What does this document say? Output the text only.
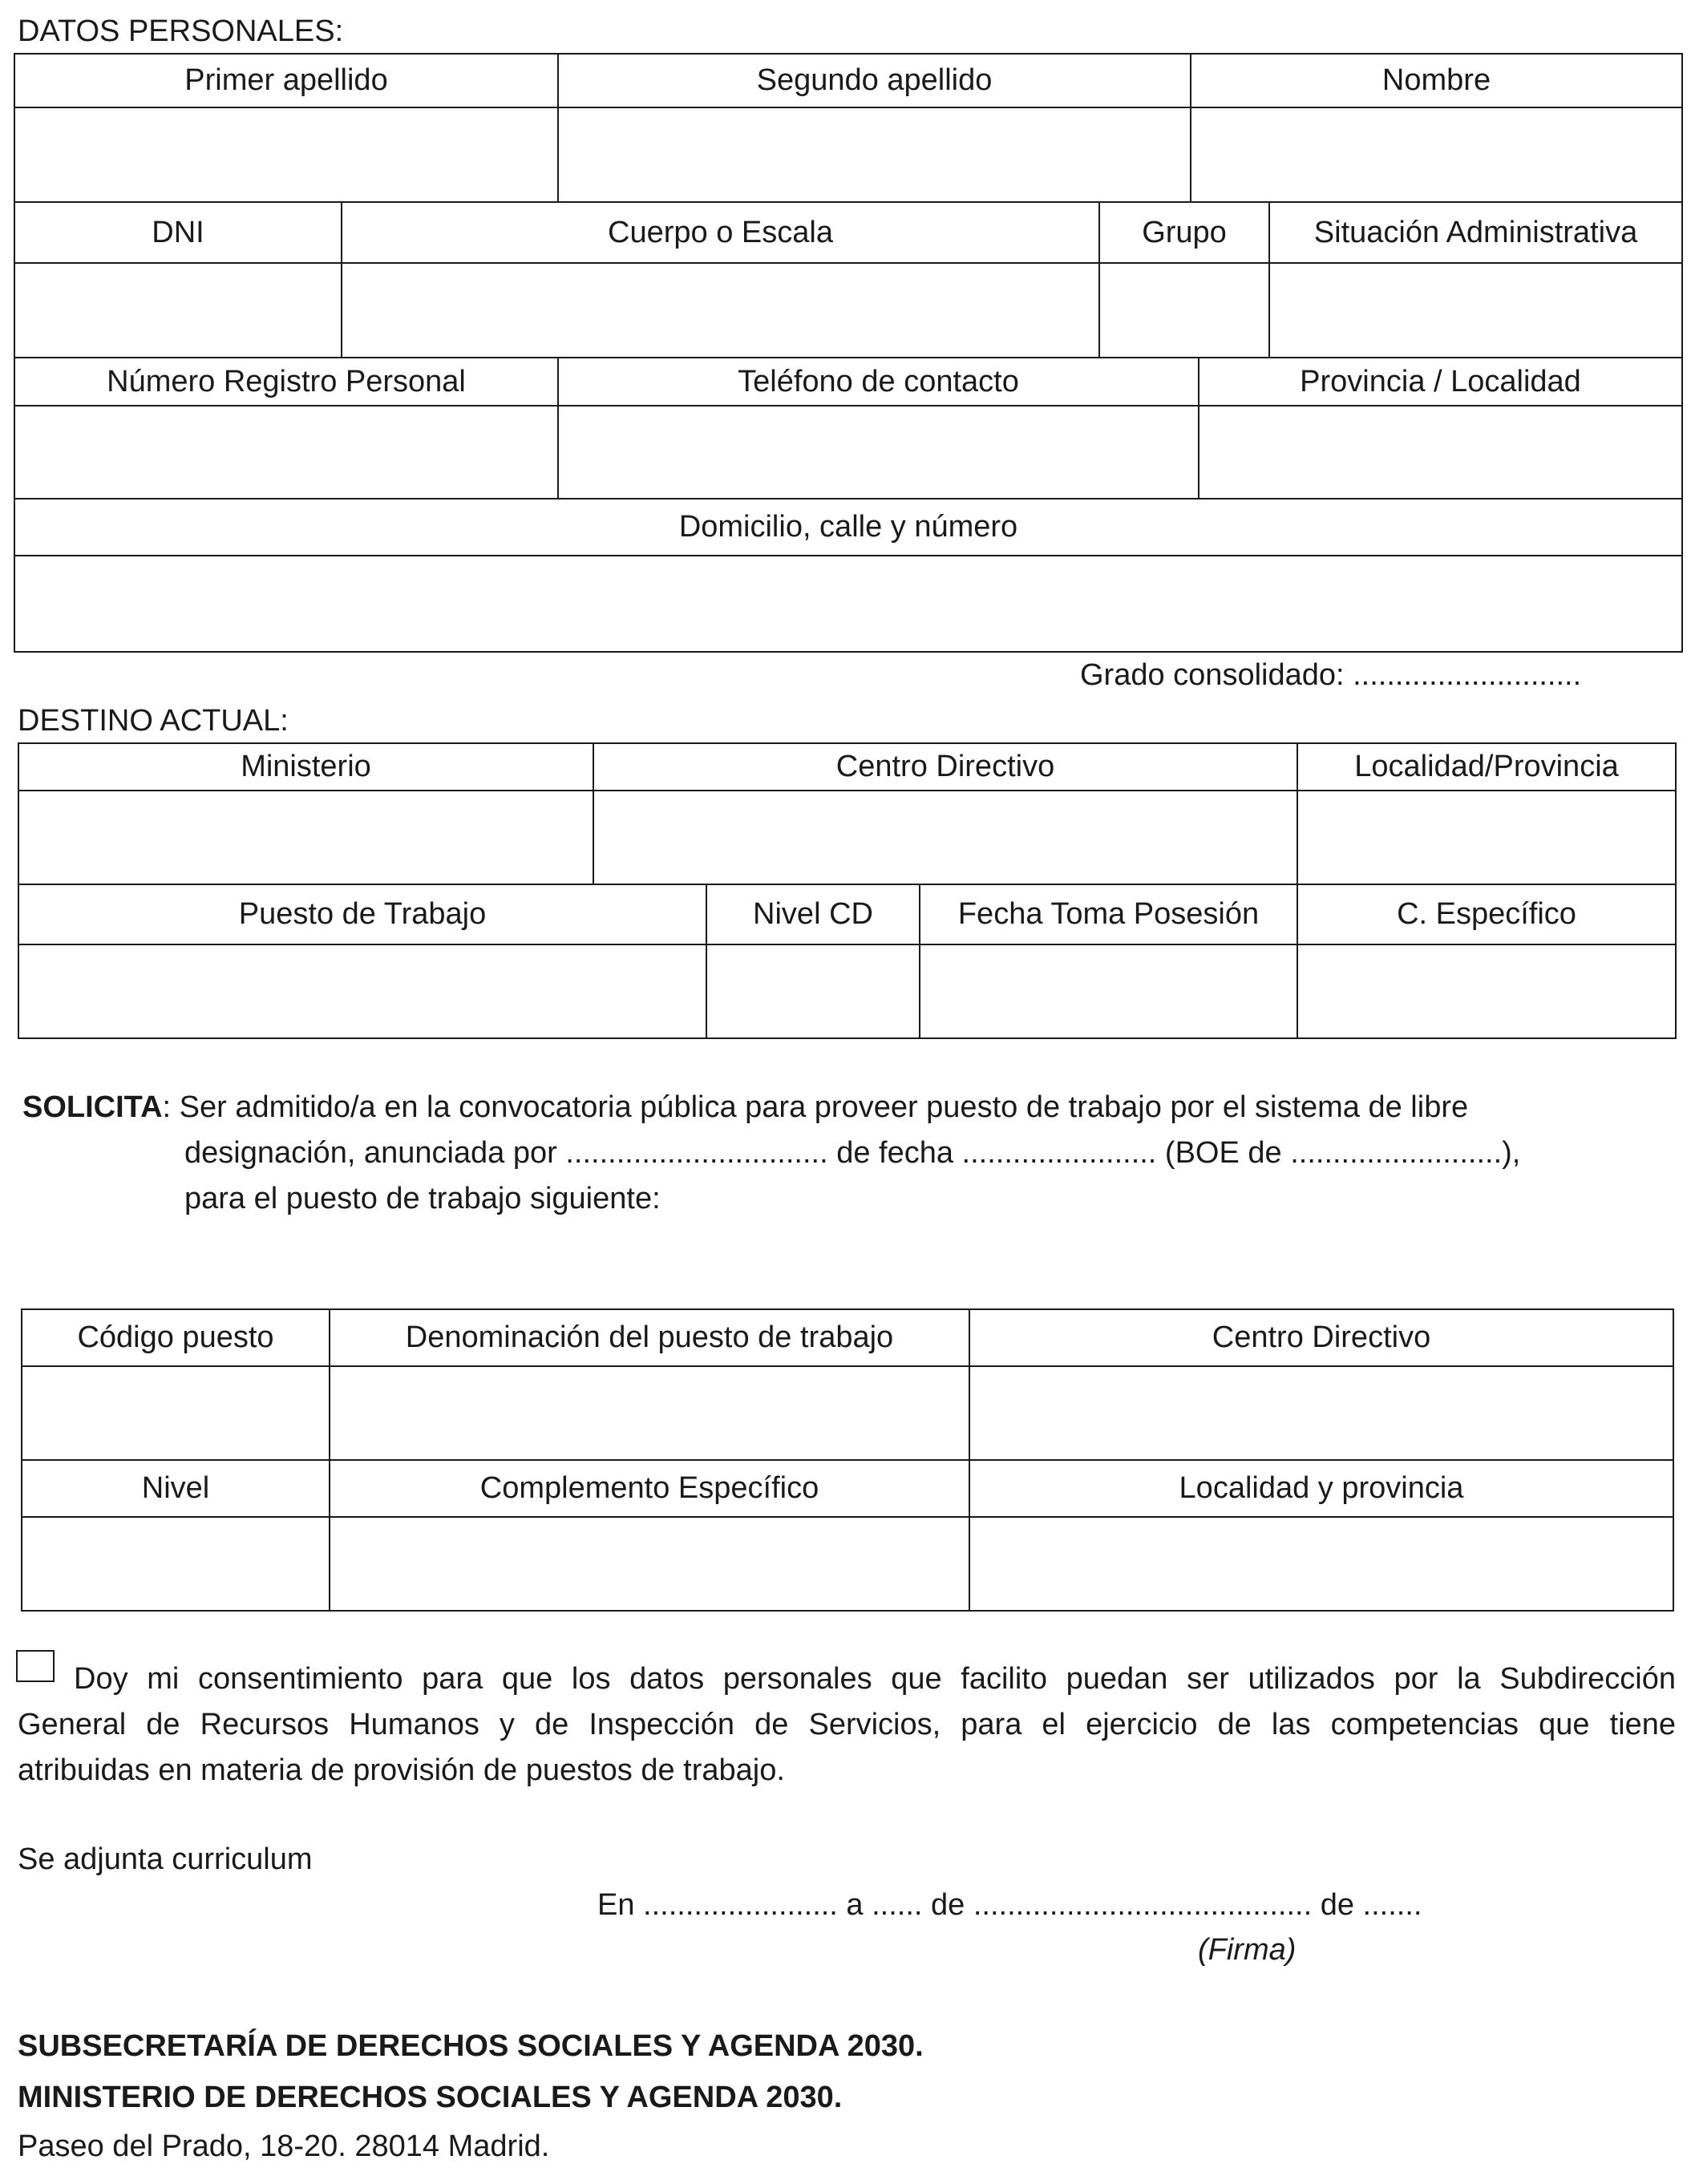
DATOS PERSONALES:
Primer apellido	Segundo apellido	Nombre

DNI	Cuerpo o Escala	Grupo	Situación Administrativa

Número Registro Personal	Teléfono de contacto	Provincia / Localidad

Domicilio, calle y número

Grado consolidado: ...........................
DESTINO ACTUAL:
Ministerio	Centro Directivo	Localidad/Provincia

Puesto de Trabajo	Nivel CD	Fecha Toma Posesión	C. Específico

SOLICITA: Ser admitido/a en la convocatoria pública para proveer puesto de trabajo por el sistema de libre
designación, anunciada por ............................... de fecha ....................... (BOE de .........................),
para el puesto de trabajo siguiente:
Código puesto	Denominación del puesto de trabajo	Centro Directivo

Nivel	Complemento Específico	Localidad y provincia

Doy mi consentimiento para que los datos personales que facilito puedan ser utilizados por la Subdirección
General de Recursos Humanos y de Inspección de Servicios, para el ejercicio de las competencias que tiene
atribuidas en materia de provisión de puestos de trabajo.
Se adjunta curriculum
En ....................... a ...... de ........................................ de .......
(Firma)
SUBSECRETARÍA DE DERECHOS SOCIALES Y AGENDA 2030.
MINISTERIO DE DERECHOS SOCIALES Y AGENDA 2030.
Paseo del Prado, 18-20. 28014 Madrid.
